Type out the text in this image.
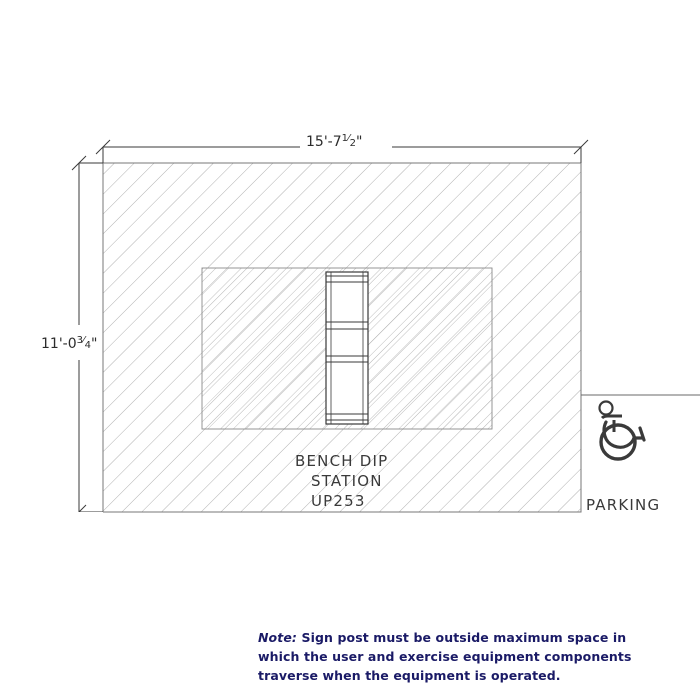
$15'-7^1⁄_2$"
$11'-0^3⁄_4$"
BENCH DIP
STATION
UP253	PARKING
Note: Sign post must be outside maximum space in
which the user and exercise equipment components
traverse when the equipment is operated.
